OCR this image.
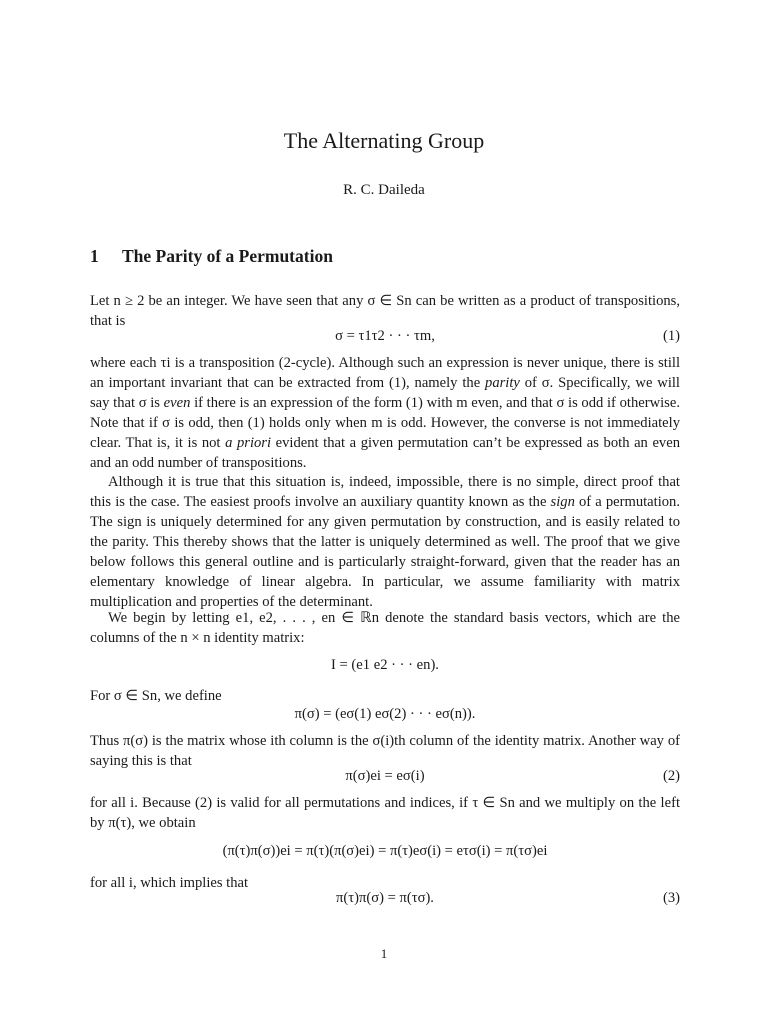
The Alternating Group
R. C. Daileda
1 The Parity of a Permutation
Let n ≥ 2 be an integer. We have seen that any σ ∈ Sn can be written as a product of transpositions, that is
σ = τ1τ2 · · · τm,	(1)
where each τi is a transposition (2-cycle). Although such an expression is never unique, there is still an important invariant that can be extracted from (1), namely the parity of σ. Specifically, we will say that σ is even if there is an expression of the form (1) with m even, and that σ is odd if otherwise. Note that if σ is odd, then (1) holds only when m is odd. However, the converse is not immediately clear. That is, it is not a priori evident that a given permutation can’t be expressed as both an even and an odd number of transpositions.
Although it is true that this situation is, indeed, impossible, there is no simple, direct proof that this is the case. The easiest proofs involve an auxiliary quantity known as the sign of a permutation. The sign is uniquely determined for any given permutation by construction, and is easily related to the parity. This thereby shows that the latter is uniquely determined as well. The proof that we give below follows this general outline and is particularly straight-forward, given that the reader has an elementary knowledge of linear algebra. In particular, we assume familiarity with matrix multiplication and properties of the determinant.
We begin by letting e1, e2, . . . , en ∈ ℝn denote the standard basis vectors, which are the columns of the n × n identity matrix:
I = (e1 e2 · · · en).
For σ ∈ Sn, we define
π(σ) = (eσ(1) eσ(2) · · · eσ(n)).
Thus π(σ) is the matrix whose ith column is the σ(i)th column of the identity matrix. Another way of saying this is that
π(σ)ei = eσ(i)	(2)
for all i. Because (2) is valid for all permutations and indices, if τ ∈ Sn and we multiply on the left by π(τ), we obtain
(π(τ)π(σ))ei = π(τ)(π(σ)ei) = π(τ)eσ(i) = eτσ(i) = π(τσ)ei
for all i, which implies that
π(τ)π(σ) = π(τσ).	(3)
1
